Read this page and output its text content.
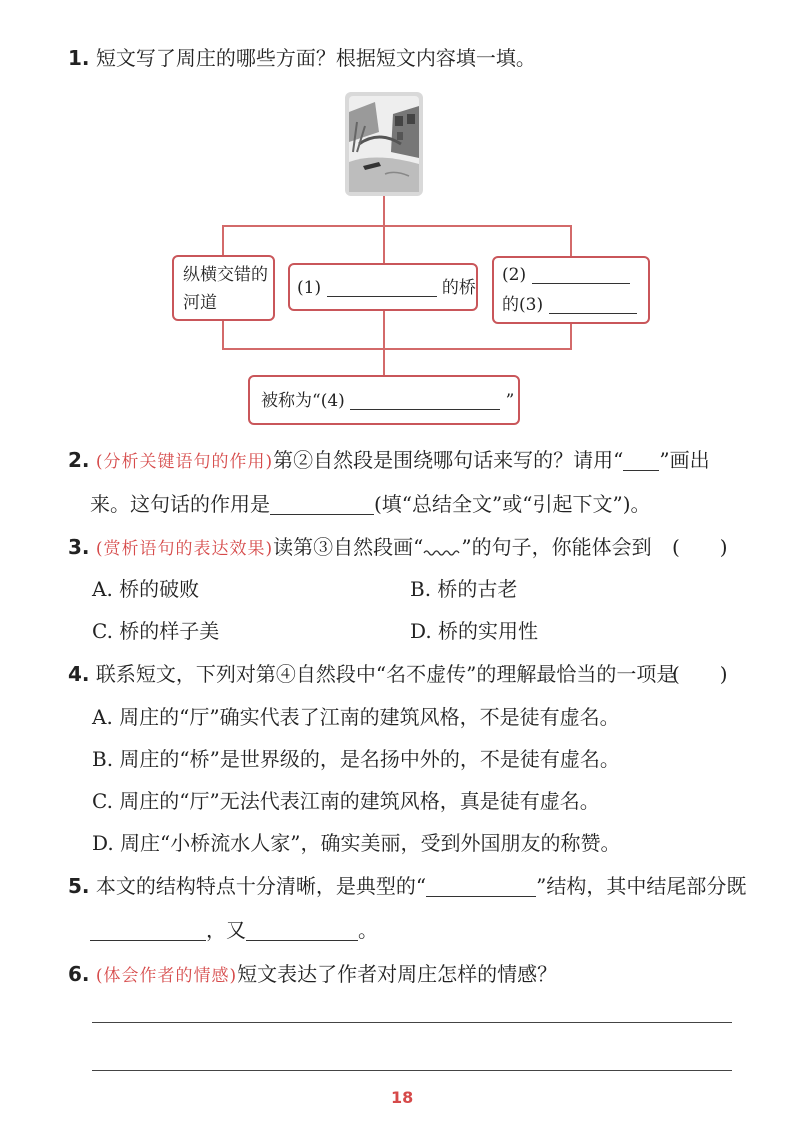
1. 短文写了周庄的哪些方面？根据短文内容填一填。
纵横交错的
河道
(1)	的桥
(2)
的(3)
被称为“(4)	”
2. (分析关键语句的作用)第②自然段是围绕哪句话来写的？请用“ ”画出
来。这句话的作用是	(填“总结全文”或“引起下文”)。
3. (赏析语句的表达效果)读第③自然段画“ ”的句子，你能体会到 (　　)
A. 桥的破败	B. 桥的古老
C. 桥的样子美	D. 桥的实用性
4. 联系短文，下列对第④自然段中“名不虚传”的理解最恰当的一项是
(　　)
A. 周庄的“厅”确实代表了江南的建筑风格，不是徒有虚名。
B. 周庄的“桥”是世界级的，是名扬中外的，不是徒有虚名。
C. 周庄的“厅”无法代表江南的建筑风格，真是徒有虚名。
D. 周庄“小桥流水人家”，确实美丽，受到外国朋友的称赞。
5. 本文的结构特点十分清晰，是典型的“	”结构，其中结尾部分既
，又	。
6. (体会作者的情感)短文表达了作者对周庄怎样的情感？
18
